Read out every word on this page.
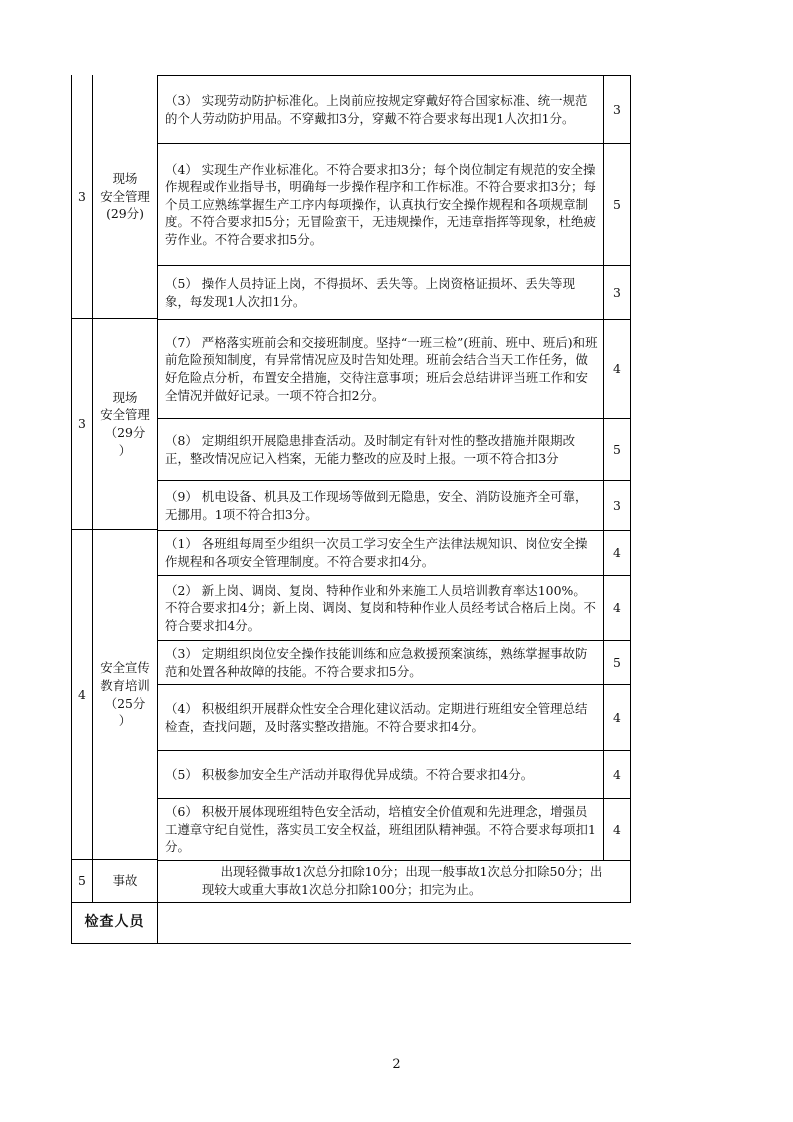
3
现场
安全管理
(29分)
（3） 实现劳动防护标准化。上岗前应按规定穿戴好符合国家标准、统一规范的个人劳动防护用品。不穿戴扣3分，穿戴不符合要求每出现1人次扣1分。
3
（4） 实现生产作业标准化。不符合要求扣3分；每个岗位制定有规范的安全操作规程或作业指导书，明确每一步操作程序和工作标准。不符合要求扣3分；每个员工应熟练掌握生产工序内每项操作，认真执行安全操作规程和各项规章制度。不符合要求扣5分；无冒险蛮干，无违规操作，无违章指挥等现象，杜绝疲劳作业。不符合要求扣5分。
5
（5） 操作人员持证上岗，不得损坏、丢失等。上岗资格证损坏、丢失等现象，每发现1人次扣1分。
3
3
现场
安全管理
（29分
）
（7） 严格落实班前会和交接班制度。坚持“一班三检”(班前、班中、班后)和班前危险预知制度，有异常情况应及时告知处理。班前会结合当天工作任务，做好危险点分析，布置安全措施，交待注意事项；班后会总结讲评当班工作和安全情况并做好记录。一项不符合扣2分。
4
（8） 定期组织开展隐患排查活动。及时制定有针对性的整改措施并限期改正，整改情况应记入档案，无能力整改的应及时上报。一项不符合扣3分
5
（9） 机电设备、机具及工作现场等做到无隐患，安全、消防设施齐全可靠，无挪用。1项不符合扣3分。
3
4
安全宣传
教育培训
（25分
）
（1） 各班组每周至少组织一次员工学习安全生产法律法规知识、岗位安全操作规程和各项安全管理制度。不符合要求扣4分。
4
（2） 新上岗、调岗、复岗、特种作业和外来施工人员培训教育率达100%。不符合要求扣4分；新上岗、调岗、复岗和特种作业人员经考试合格后上岗。不符合要求扣4分。
4
（3） 定期组织岗位安全操作技能训练和应急救援预案演练，熟练掌握事故防范和处置各种故障的技能。不符合要求扣5分。
5
（4） 积极组织开展群众性安全合理化建议活动。定期进行班组安全管理总结检查，查找问题，及时落实整改措施。不符合要求扣4分。
4
（5） 积极参加安全生产活动并取得优异成绩。不符合要求扣4分。	4
（6） 积极开展体现班组特色安全活动，培植安全价值观和先进理念，增强员工遵章守纪自觉性，落实员工安全权益，班组团队精神强。不符合要求每项扣1分。
4
5	事故
出现轻微事故1次总分扣除10分；出现一般事故1次总分扣除50分；出现较大或重大事故1次总分扣除100分；扣完为止。
检查人员
2
